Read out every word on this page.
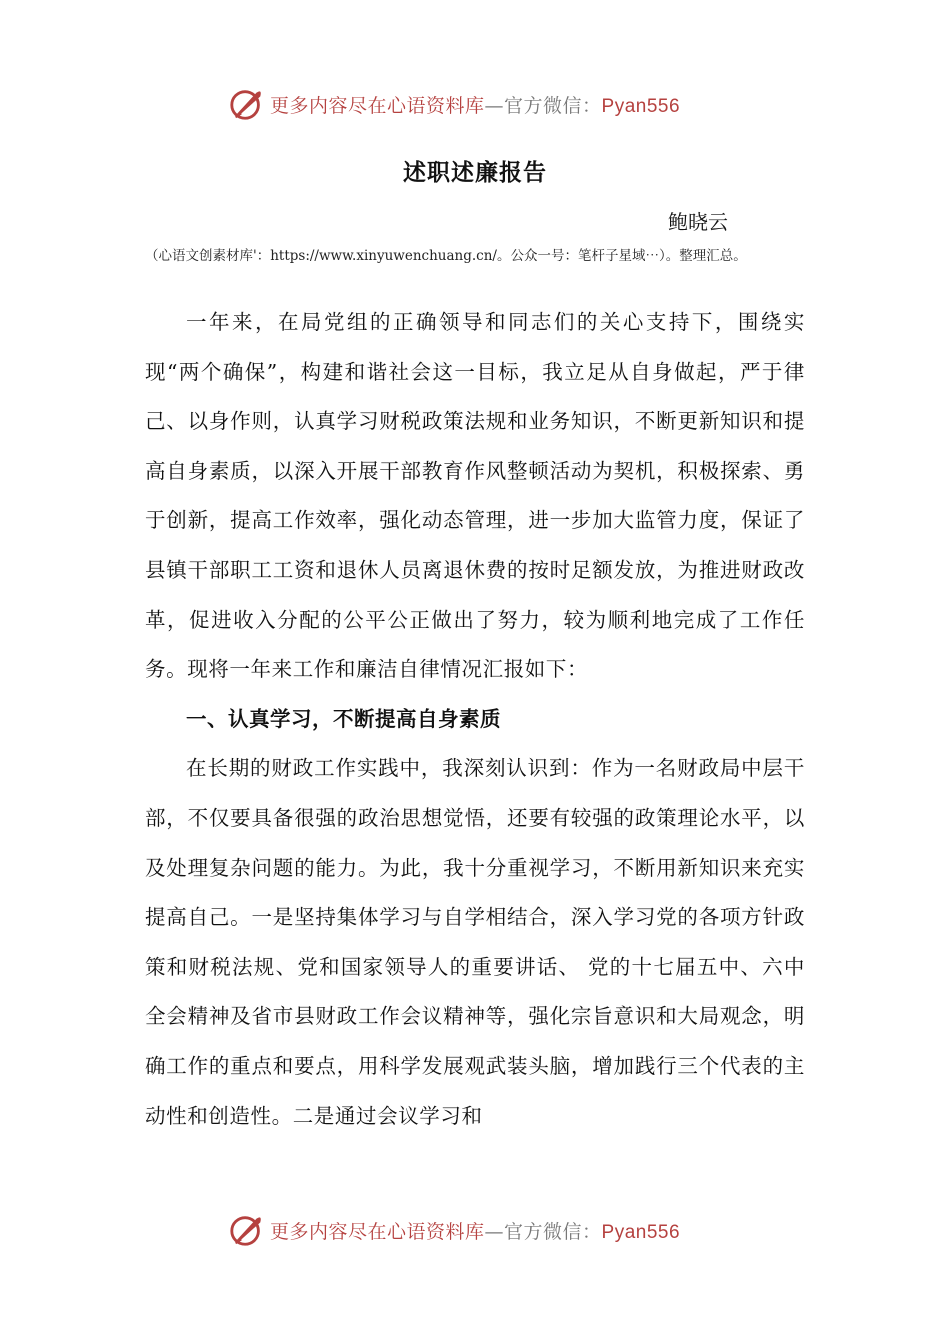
更多内容尽在心语资料库—官方微信：Pyan556
述职述廉报告
鲍晓云
（心语文创素材库'：https://www.xinyuwenchuang.cn/。公众一号：笔杆子星域⋯）。整理汇总。

一年来，在局党组的正确领导和同志们的关心支持下，围绕实现“两个确保”，构建和谐社会这一目标，我立足从自身做起，严于律己、以身作则，认真学习财税政策法规和业务知识，不断更新知识和提高自身素质，以深入开展干部教育作风整顿活动为契机，积极探索、勇于创新，提高工作效率，强化动态管理，进一步加大监管力度，保证了县镇干部职工工资和退休人员离退休费的按时足额发放，为推进财政改革，促进收入分配的公平公正做出了努力，较为顺利地完成了工作任务。现将一年来工作和廉洁自律情况汇报如下：

一、认真学习，不断提高自身素质

在长期的财政工作实践中，我深刻认识到：作为一名财政局中层干部，不仅要具备很强的政治思想觉悟，还要有较强的政策理论水平，以及处理复杂问题的能力。为此，我十分重视学习，不断用新知识来充实提高自己。一是坚持集体学习与自学相结合，深入学习党的各项方针政策和财税法规、党和国家领导人的重要讲话、 党的十七届五中、六中全会精神及省市县财政工作会议精神等，强化宗旨意识和大局观念，明确工作的重点和要点，用科学发展观武装头脑，增加践行三个代表的主动性和创造性。二是通过会议学习和

更多内容尽在心语资料库—官方微信：Pyan556
